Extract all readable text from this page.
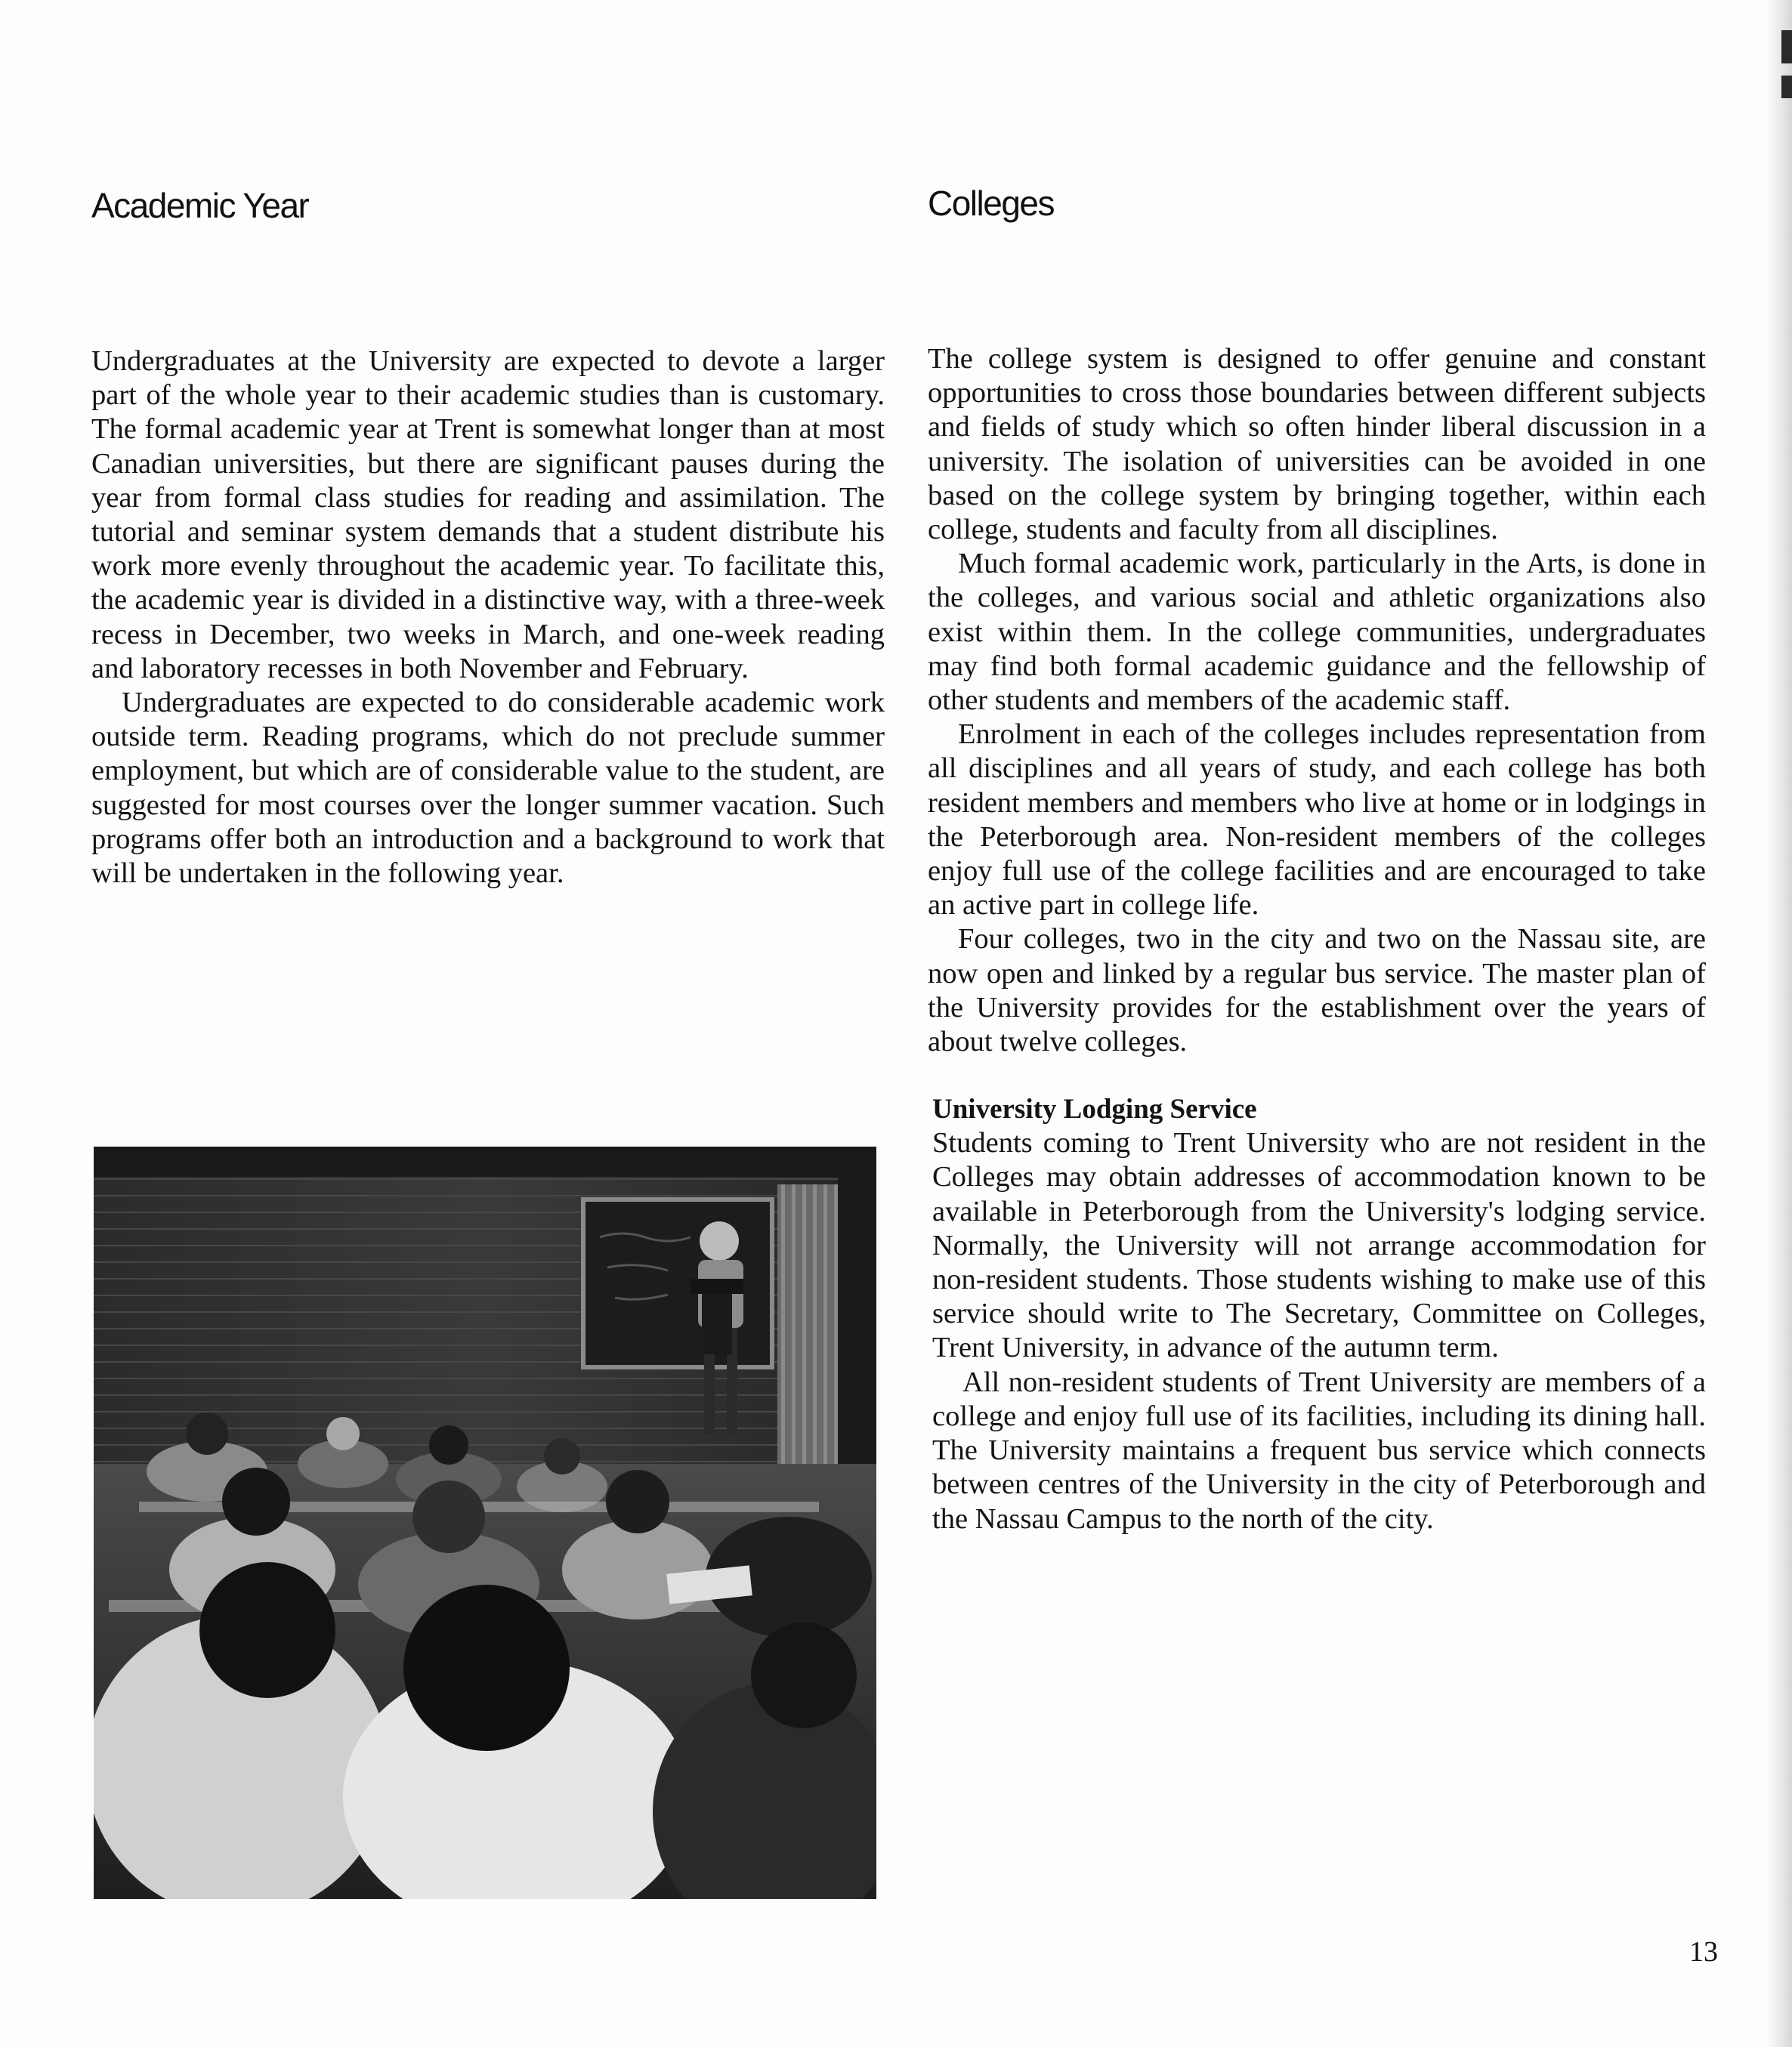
Academic Year	Colleges

Undergraduates at the University are expected to devote a larger part of the whole year to their academic studies than is customary. The formal academic year at Trent is somewhat longer than at most Canadian universities, but there are significant pauses during the year from formal class studies for reading and assimilation. The tutorial and seminar system demands that a student distribute his work more evenly throughout the academic year. To facilitate this, the academic year is divided in a distinctive way, with a three-week recess in December, two weeks in March, and one-week reading and laboratory recesses in both November and February.

Undergraduates are expected to do considerable academic work outside term. Reading programs, which do not preclude summer employment, but which are of considerable value to the student, are suggested for most courses over the longer summer vacation. Such programs offer both an introduction and a background to work that will be undertaken in the following year.

The college system is designed to offer genuine and constant opportunities to cross those boundaries between different subjects and fields of study which so often hinder liberal discussion in a university. The isolation of universities can be avoided in one based on the college system by bringing together, within each college, students and faculty from all disciplines.

Much formal academic work, particularly in the Arts, is done in the colleges, and various social and athletic organizations also exist within them. In the college communities, undergraduates may find both formal academic guidance and the fellowship of other students and members of the academic staff.

Enrolment in each of the colleges includes representation from all disciplines and all years of study, and each college has both resident members and members who live at home or in lodgings in the Peterborough area. Non-resident members of the colleges enjoy full use of the college facilities and are encouraged to take an active part in college life.

Four colleges, two in the city and two on the Nassau site, are now open and linked by a regular bus service. The master plan of the University provides for the establishment over the years of about twelve colleges.

University Lodging Service

Students coming to Trent University who are not resident in the Colleges may obtain addresses of accommodation known to be available in Peterborough from the University's lodging service. Normally, the University will not arrange accommodation for non-resident students. Those students wishing to make use of this service should write to The Secretary, Committee on Colleges, Trent University, in advance of the autumn term.

All non-resident students of Trent University are members of a college and enjoy full use of its facilities, including its dining hall. The University maintains a frequent bus service which connects between centres of the University in the city of Peterborough and the Nassau Campus to the north of the city.

13
